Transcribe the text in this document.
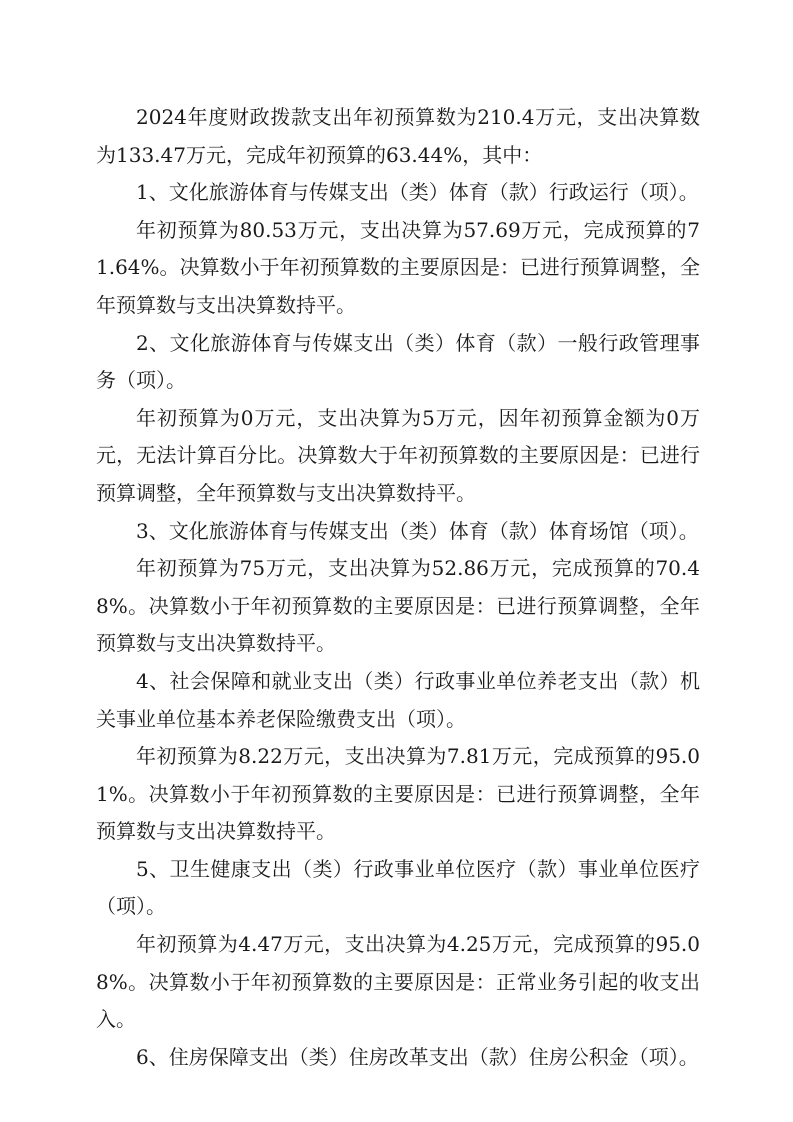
2024年度财政拨款支出年初预算数为210.4万元，支出决算数为133.47万元，完成年初预算的63.44%，其中：

1、文化旅游体育与传媒支出（类）体育（款）行政运行（项）。

年初预算为80.53万元，支出决算为57.69万元，完成预算的71.64%。决算数小于年初预算数的主要原因是：已进行预算调整，全年预算数与支出决算数持平。

2、文化旅游体育与传媒支出（类）体育（款）一般行政管理事务（项）。

年初预算为0万元，支出决算为5万元，因年初预算金额为0万元，无法计算百分比。决算数大于年初预算数的主要原因是：已进行预算调整，全年预算数与支出决算数持平。

3、文化旅游体育与传媒支出（类）体育（款）体育场馆（项）。

年初预算为75万元，支出决算为52.86万元，完成预算的70.48%。决算数小于年初预算数的主要原因是：已进行预算调整，全年预算数与支出决算数持平。

4、社会保障和就业支出（类）行政事业单位养老支出（款）机关事业单位基本养老保险缴费支出（项）。

年初预算为8.22万元，支出决算为7.81万元，完成预算的95.01%。决算数小于年初预算数的主要原因是：已进行预算调整，全年预算数与支出决算数持平。

5、卫生健康支出（类）行政事业单位医疗（款）事业单位医疗（项）。

年初预算为4.47万元，支出决算为4.25万元，完成预算的95.08%。决算数小于年初预算数的主要原因是：正常业务引起的收支出入。

6、住房保障支出（类）住房改革支出（款）住房公积金（项）。
